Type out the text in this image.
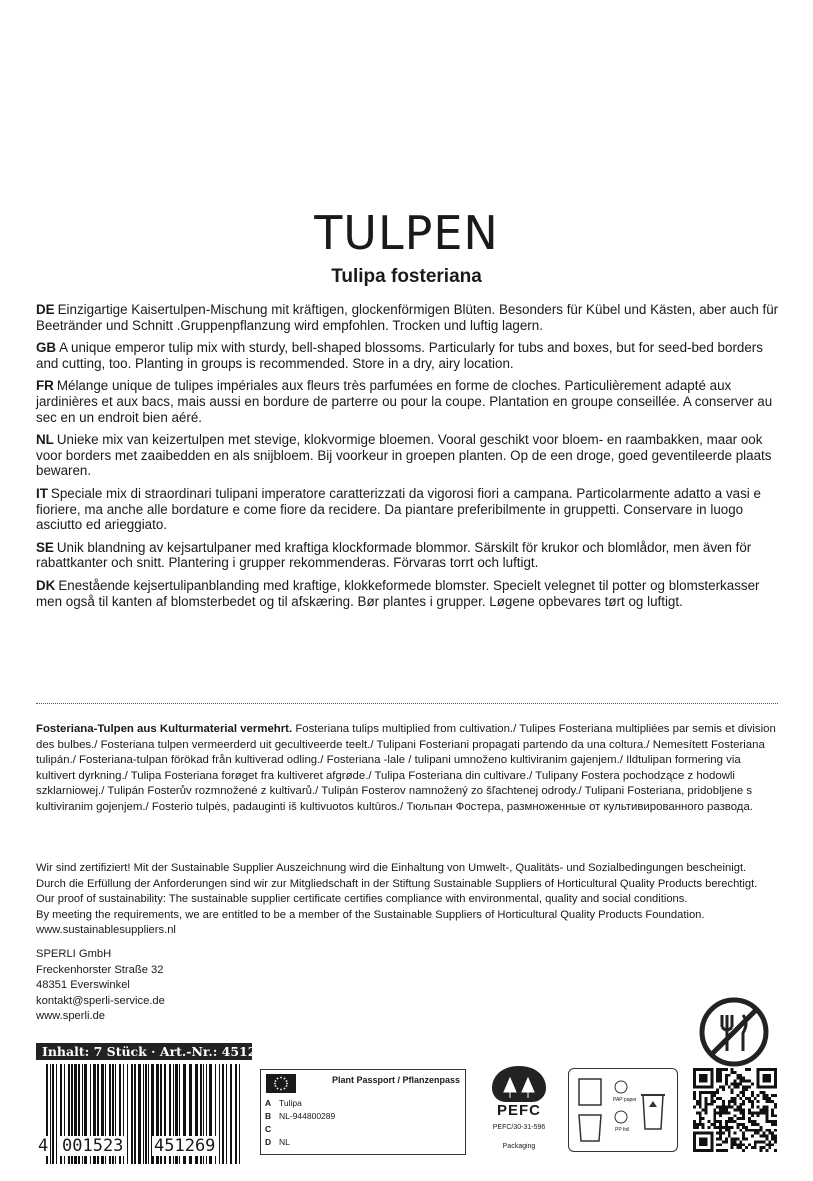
TULPEN
Tulipa fosteriana
DE Einzigartige Kaisertulpen-Mischung mit kräftigen, glockenförmigen Blüten. Besonders für Kübel und Kästen, aber auch für Beetränder und Schnitt .Gruppenpflanzung wird empfohlen. Trocken und luftig lagern.
GB A unique emperor tulip mix with sturdy, bell-shaped blossoms. Particularly for tubs and boxes, but for seed-bed borders and cutting, too. Planting in groups is recommended. Store in a dry, airy location.
FR Mélange unique de tulipes impériales aux fleurs très parfumées en forme de cloches. Particulièrement adapté aux jardinières et aux bacs, mais aussi en bordure de parterre ou pour la coupe. Plantation en groupe conseillée. A conserver au sec en un endroit bien aéré.
NL Unieke mix van keizertulpen met stevige, klokvormige bloemen. Vooral geschikt voor bloem- en raambakken, maar ook voor borders met zaaibedden en als snijbloem. Bij voorkeur in groepen planten. Op de een droge, goed geventileerde plaats bewaren.
IT Speciale mix di straordinari tulipani imperatore caratterizzati da vigorosi fiori a campana. Particolarmente adatto a vasi e fioriere, ma anche alle bordature e come fiore da recidere. Da piantare preferibilmente in gruppetti. Conservare in luogo asciutto ed arieggiato.
SE Unik blandning av kejsartulpaner med kraftiga klockformade blommor. Särskilt för krukor och blomlådor, men även för rabattkanter och snitt. Plantering i grupper rekommenderas. Förvaras torrt och luftigt.
DK Enestående kejsertulipanblanding med kraftige, klokkeformede blomster. Specielt velegnet til potter og blomsterkasser men også til kanten af blomsterbedet og til afskæring. Bør plantes i grupper. Løgene opbevares tørt og luftigt.
Fosteriana-Tulpen aus Kulturmaterial vermehrt. Fosteriana tulips multiplied from cultivation./ Tulipes Fosteriana multipliées par semis et division des bulbes./ Fosteriana tulpen vermeerderd uit gecultiveerde teelt./ Tulipani Fosteriani propagati partendo da una coltura./ Nemesített Fosteriana tulipán./ Fosteriana-tulpan förökad från kultiverad odling./ Fosteriana -lale / tulipani umnoženo kultiviranim gajenjem./ Ildtulipan formering via kultivert dyrkning./ Tulipa Fosteriana forøget fra kultiveret afgrøde./ Tulipa Fosteriana din cultivare./ Tulipany Fostera pochodzące z hodowli szklarniowej./ Tulipán Fosterův rozmnožené z kultivarů./ Tulipán Fosterov namnožený zo šľachtenej odrody./ Tulipani Fosteriana, pridobljene s kultiviranim gojenjem./ Fosterio tulpės, padauginti iš kultivuotos kultūros./ Тюльпан Фостера, размноженные от культивированного развода.
Wir sind zertifiziert! Mit der Sustainable Supplier Auszeichnung wird die Einhaltung von Umwelt-, Qualitäts- und Sozialbedingungen bescheinigt.
Durch die Erfüllung der Anforderungen sind wir zur Mitgliedschaft in der Stiftung Sustainable Suppliers of Horticultural Quality Products berechtigt.
Our proof of sustainability: The sustainable supplier certificate certifies compliance with environmental, quality and social conditions.
By meeting the requirements, we are entitled to be a member of the Sustainable Suppliers of Horticultural Quality Products Foundation.
www.sustainablesuppliers.nl
SPERLI GmbH
Freckenhorster Straße 32
48351 Everswinkel
kontakt@sperli-service.de
www.sperli.de
Inhalt: 7 Stück · Art.-Nr.: 451269
4 001523 451269
Plant Passport / Pflanzenpass
A Tulipa
B NL-944800289
C
D NL
PEFC
PEFC/30-31-596
Packaging
PAP paper
PP foil
